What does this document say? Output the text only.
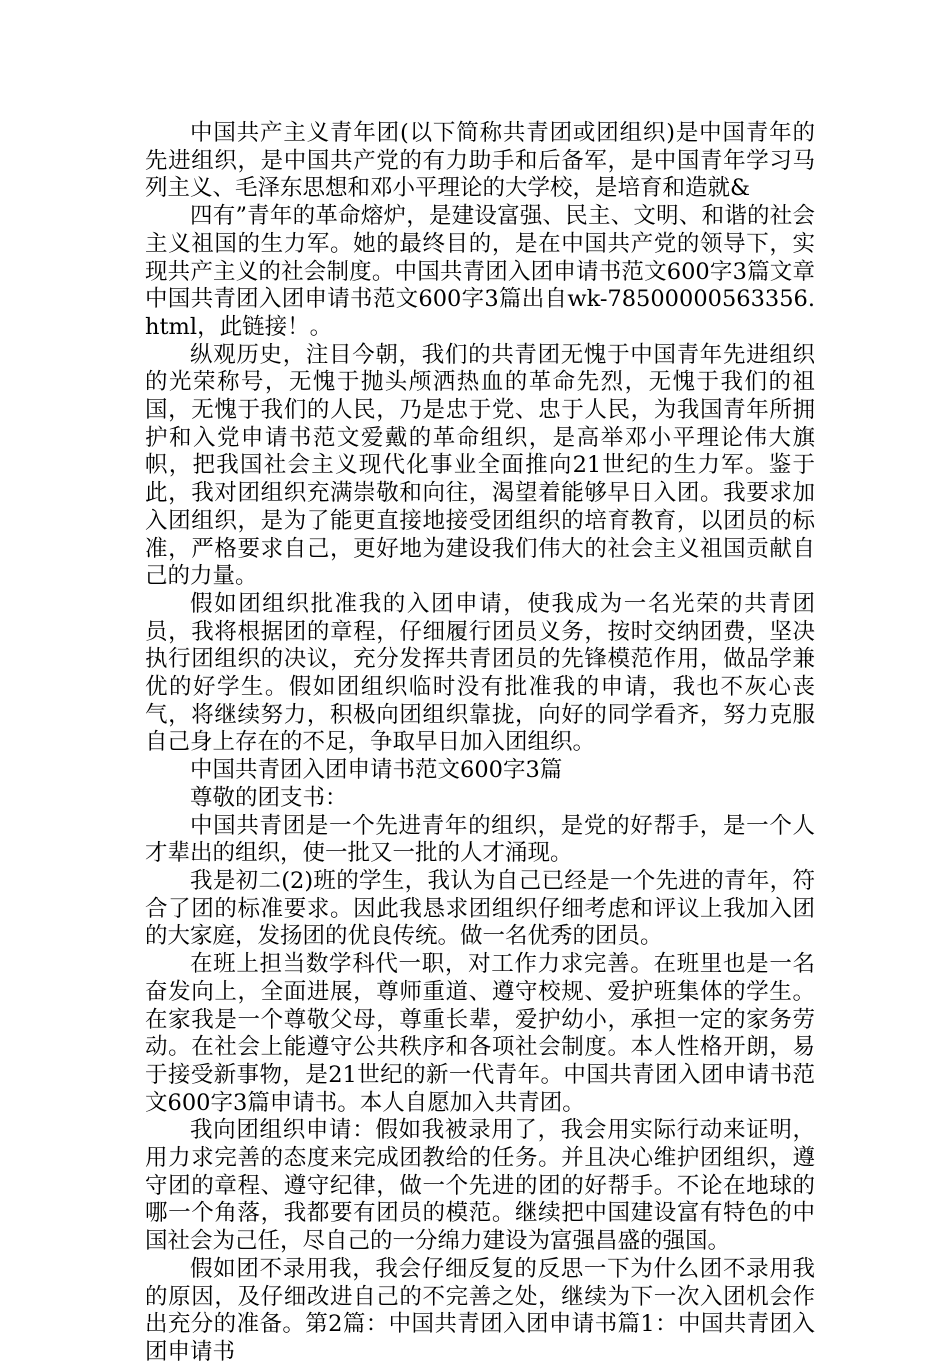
中国共产主义青年团(以下简称共青团或团组织)是中国青年的先进组织，是中国共产党的有力助手和后备军，是中国青年学习马列主义、毛泽东思想和邓小平理论的大学校，是培育和造就&

四有”青年的革命熔炉，是建设富强、民主、文明、和谐的社会主义祖国的生力军。她的最终目的，是在中国共产党的领导下，实现共产主义的社会制度。中国共青团入团申请书范文600字3篇文章中国共青团入团申请书范文600字3篇出自wk-78500000563356.html，此链接！。

纵观历史，注目今朝，我们的共青团无愧于中国青年先进组织的光荣称号，无愧于抛头颅洒热血的革命先烈，无愧于我们的祖国，无愧于我们的人民，乃是忠于党、忠于人民，为我国青年所拥护和入党申请书范文爱戴的革命组织，是高举邓小平理论伟大旗帜，把我国社会主义现代化事业全面推向21世纪的生力军。鉴于此，我对团组织充满崇敬和向往，渴望着能够早日入团。我要求加入团组织，是为了能更直接地接受团组织的培育教育，以团员的标准，严格要求自己，更好地为建设我们伟大的社会主义祖国贡献自己的力量。

假如团组织批准我的入团申请，使我成为一名光荣的共青团员，我将根据团的章程，仔细履行团员义务，按时交纳团费，坚决执行团组织的决议，充分发挥共青团员的先锋模范作用，做品学兼优的好学生。假如团组织临时没有批准我的申请，我也不灰心丧气，将继续努力，积极向团组织靠拢，向好的同学看齐，努力克服自己身上存在的不足，争取早日加入团组织。

中国共青团入团申请书范文600字3篇

尊敬的团支书：

中国共青团是一个先进青年的组织，是党的好帮手，是一个人才辈出的组织，使一批又一批的人才涌现。

我是初二(2)班的学生，我认为自己已经是一个先进的青年，符合了团的标准要求。因此我恳求团组织仔细考虑和评议上我加入团的大家庭，发扬团的优良传统。做一名优秀的团员。

在班上担当数学科代一职，对工作力求完善。在班里也是一名奋发向上，全面进展，尊师重道、遵守校规、爱护班集体的学生。在家我是一个尊敬父母，尊重长辈，爱护幼小，承担一定的家务劳动。在社会上能遵守公共秩序和各项社会制度。本人性格开朗，易于接受新事物，是21世纪的新一代青年。中国共青团入团申请书范文600字3篇申请书。本人自愿加入共青团。

我向团组织申请：假如我被录用了，我会用实际行动来证明，用力求完善的态度来完成团教给的任务。并且决心维护团组织，遵守团的章程、遵守纪律，做一个先进的团的好帮手。不论在地球的哪一个角落，我都要有团员的模范。继续把中国建设富有特色的中国社会为己任，尽自己的一分绵力建设为富强昌盛的强国。

假如团不录用我，我会仔细反复的反思一下为什么团不录用我的原因，及仔细改进自己的不完善之处，继续为下一次入团机会作出充分的准备。第2篇：中国共青团入团申请书篇1：中国共青团入团申请书
